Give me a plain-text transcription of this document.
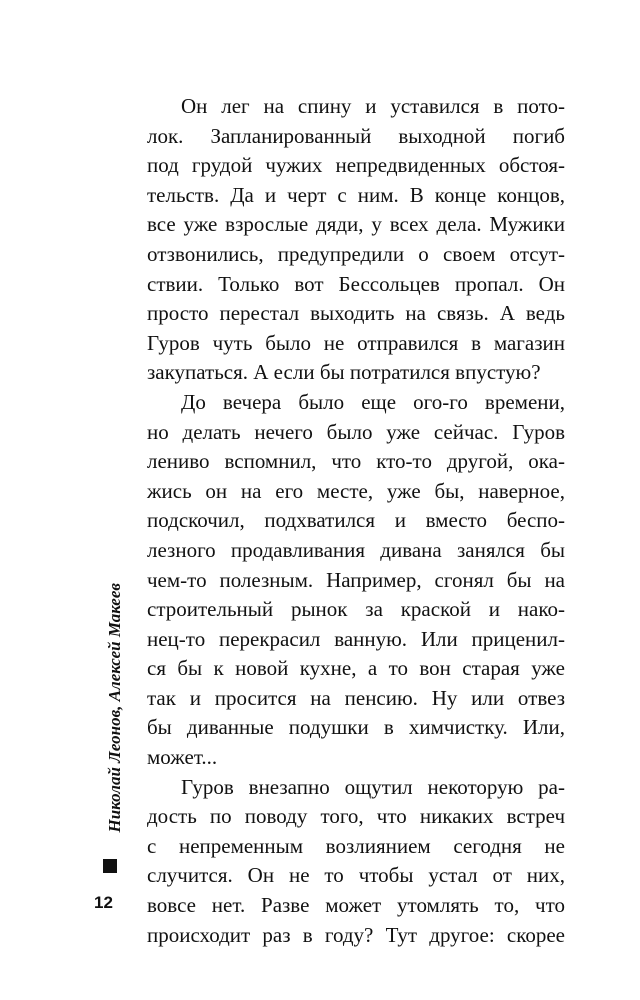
Он лег на спину и уставился в пото-
лок. Запланированный выходной погиб
под грудой чужих непредвиденных обстоя-
тельств. Да и черт с ним. В конце концов,
все уже взрослые дяди, у всех дела. Мужики
отзвонились, предупредили о своем отсут-
ствии. Только вот Бессольцев пропал. Он
просто перестал выходить на связь. А ведь
Гуров чуть было не отправился в магазин
закупаться. А если бы потратился впустую?
До вечера было еще ого-го времени,
но делать нечего было уже сейчас. Гуров
лениво вспомнил, что кто-то другой, ока-
жись он на его месте, уже бы, наверное,
подскочил, подхватился и вместо беспо-
лезного продавливания дивана занялся бы
чем-то полезным. Например, сгонял бы на
строительный рынок за краской и нако-
нец-то перекрасил ванную. Или приценил-
ся бы к новой кухне, а то вон старая уже
так и просится на пенсию. Ну или отвез
бы диванные подушки в химчистку. Или,
может...
Гуров внезапно ощутил некоторую ра-
дость по поводу того, что никаких встреч
с непременным возлиянием сегодня не
случится. Он не то чтобы устал от них,
вовсе нет. Разве может утомлять то, что
происходит раз в году? Тут другое: скорее
Николай Леонов, Алексей Макеев
12
